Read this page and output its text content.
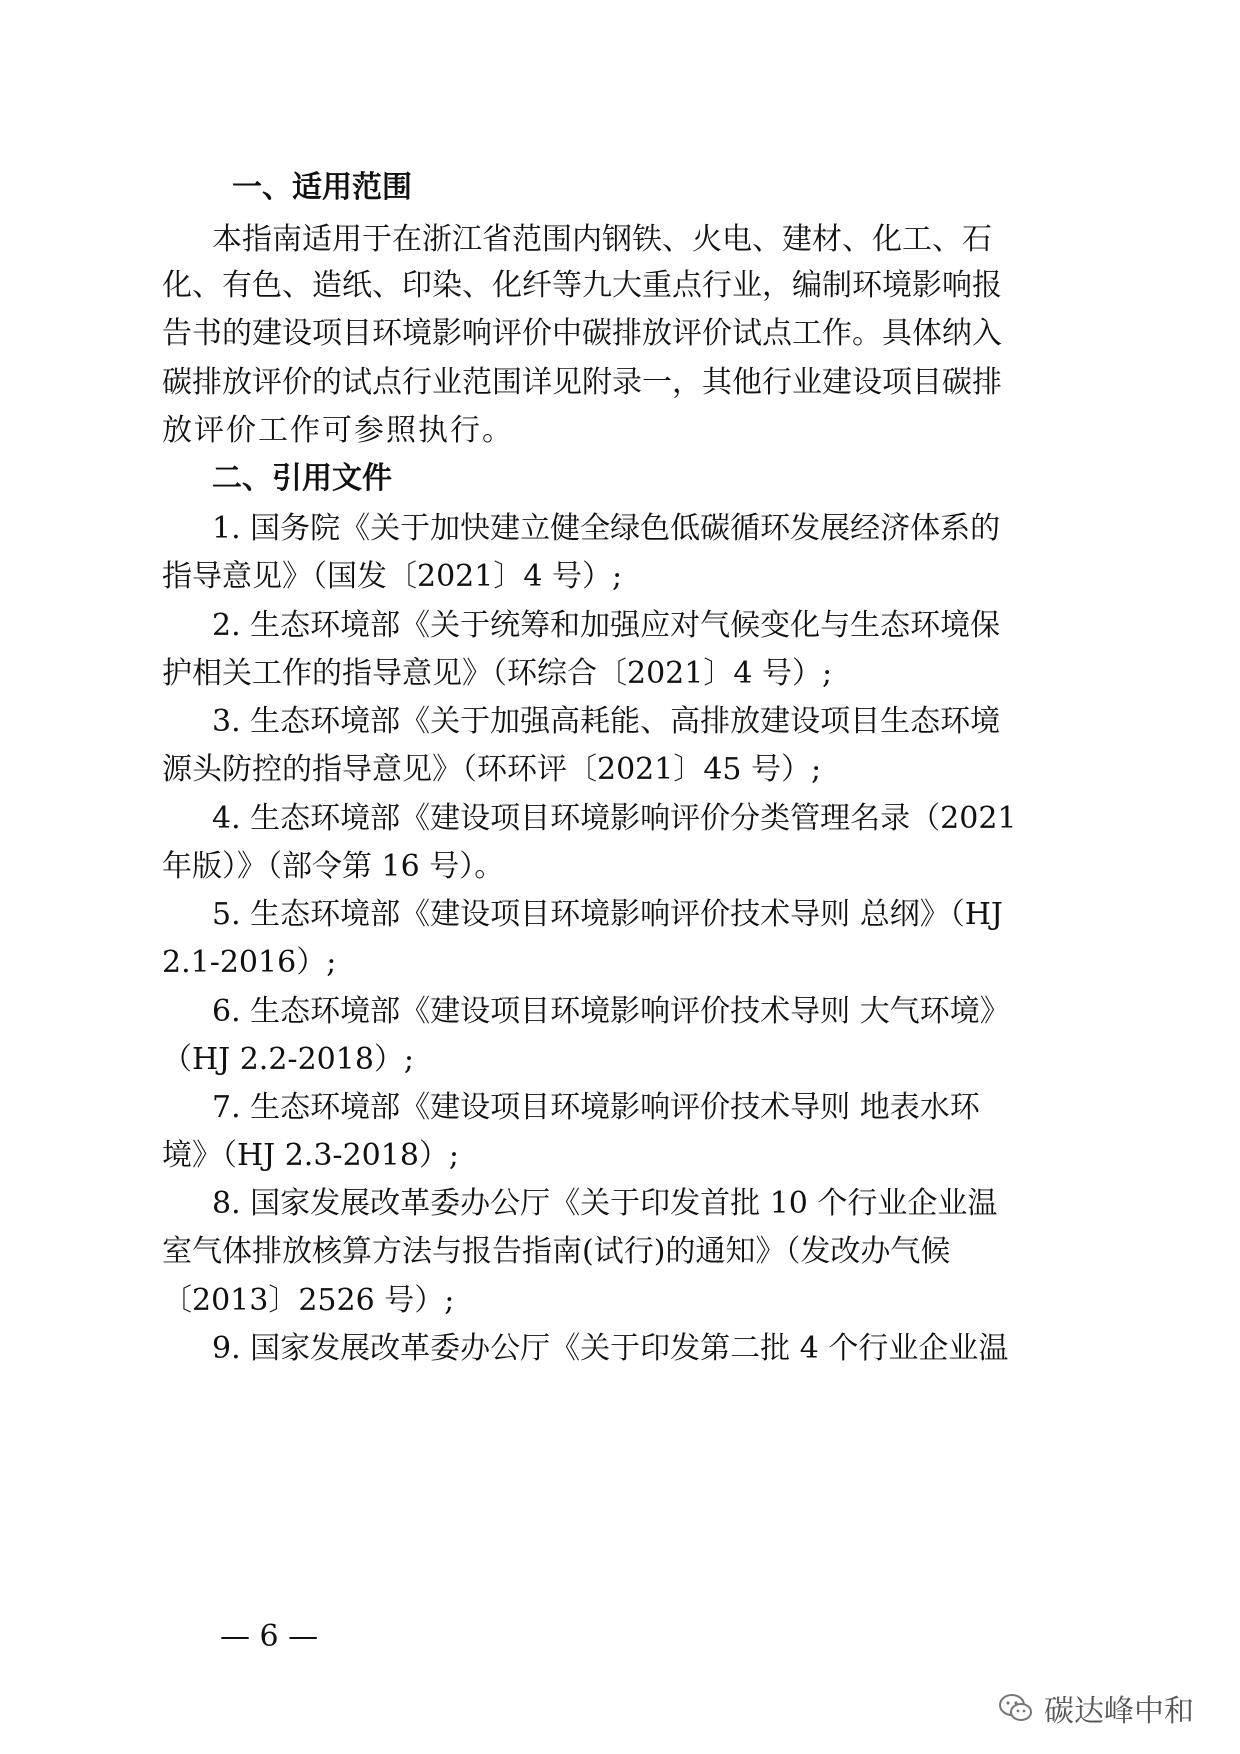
一、适用范围
本指南适用于在浙江省范围内钢铁、火电、建材、化工、石
化、有色、造纸、印染、化纤等九大重点行业，编制环境影响报
告书的建设项目环境影响评价中碳排放评价试点工作。具体纳入
碳排放评价的试点行业范围详见附录一，其他行业建设项目碳排
放评价工作可参照执行。
二、引用文件
1. 国务院《关于加快建立健全绿色低碳循环发展经济体系的
指导意见》（国发〔2021〕4 号）;
2. 生态环境部《关于统筹和加强应对气候变化与生态环境保
护相关工作的指导意见》（环综合〔2021〕4 号）;
3. 生态环境部《关于加强高耗能、高排放建设项目生态环境
源头防控的指导意见》（环环评〔2021〕45 号）;
4. 生态环境部《建设项目环境影响评价分类管理名录（2021
年版）》（部令第 16 号）。
5. 生态环境部《建设项目环境影响评价技术导则 总纲》（HJ
2.1-2016）;
6. 生态环境部《建设项目环境影响评价技术导则 大气环境》
（HJ 2.2-2018）;
7. 生态环境部《建设项目环境影响评价技术导则 地表水环
境》（HJ 2.3-2018）;
8. 国家发展改革委办公厅《关于印发首批 10 个行业企业温
室气体排放核算方法与报告指南(试行)的通知》（发改办气候
〔2013〕2526 号）;
9. 国家发展改革委办公厅《关于印发第二批 4 个行业企业温
— 6 —
碳达峰中和
